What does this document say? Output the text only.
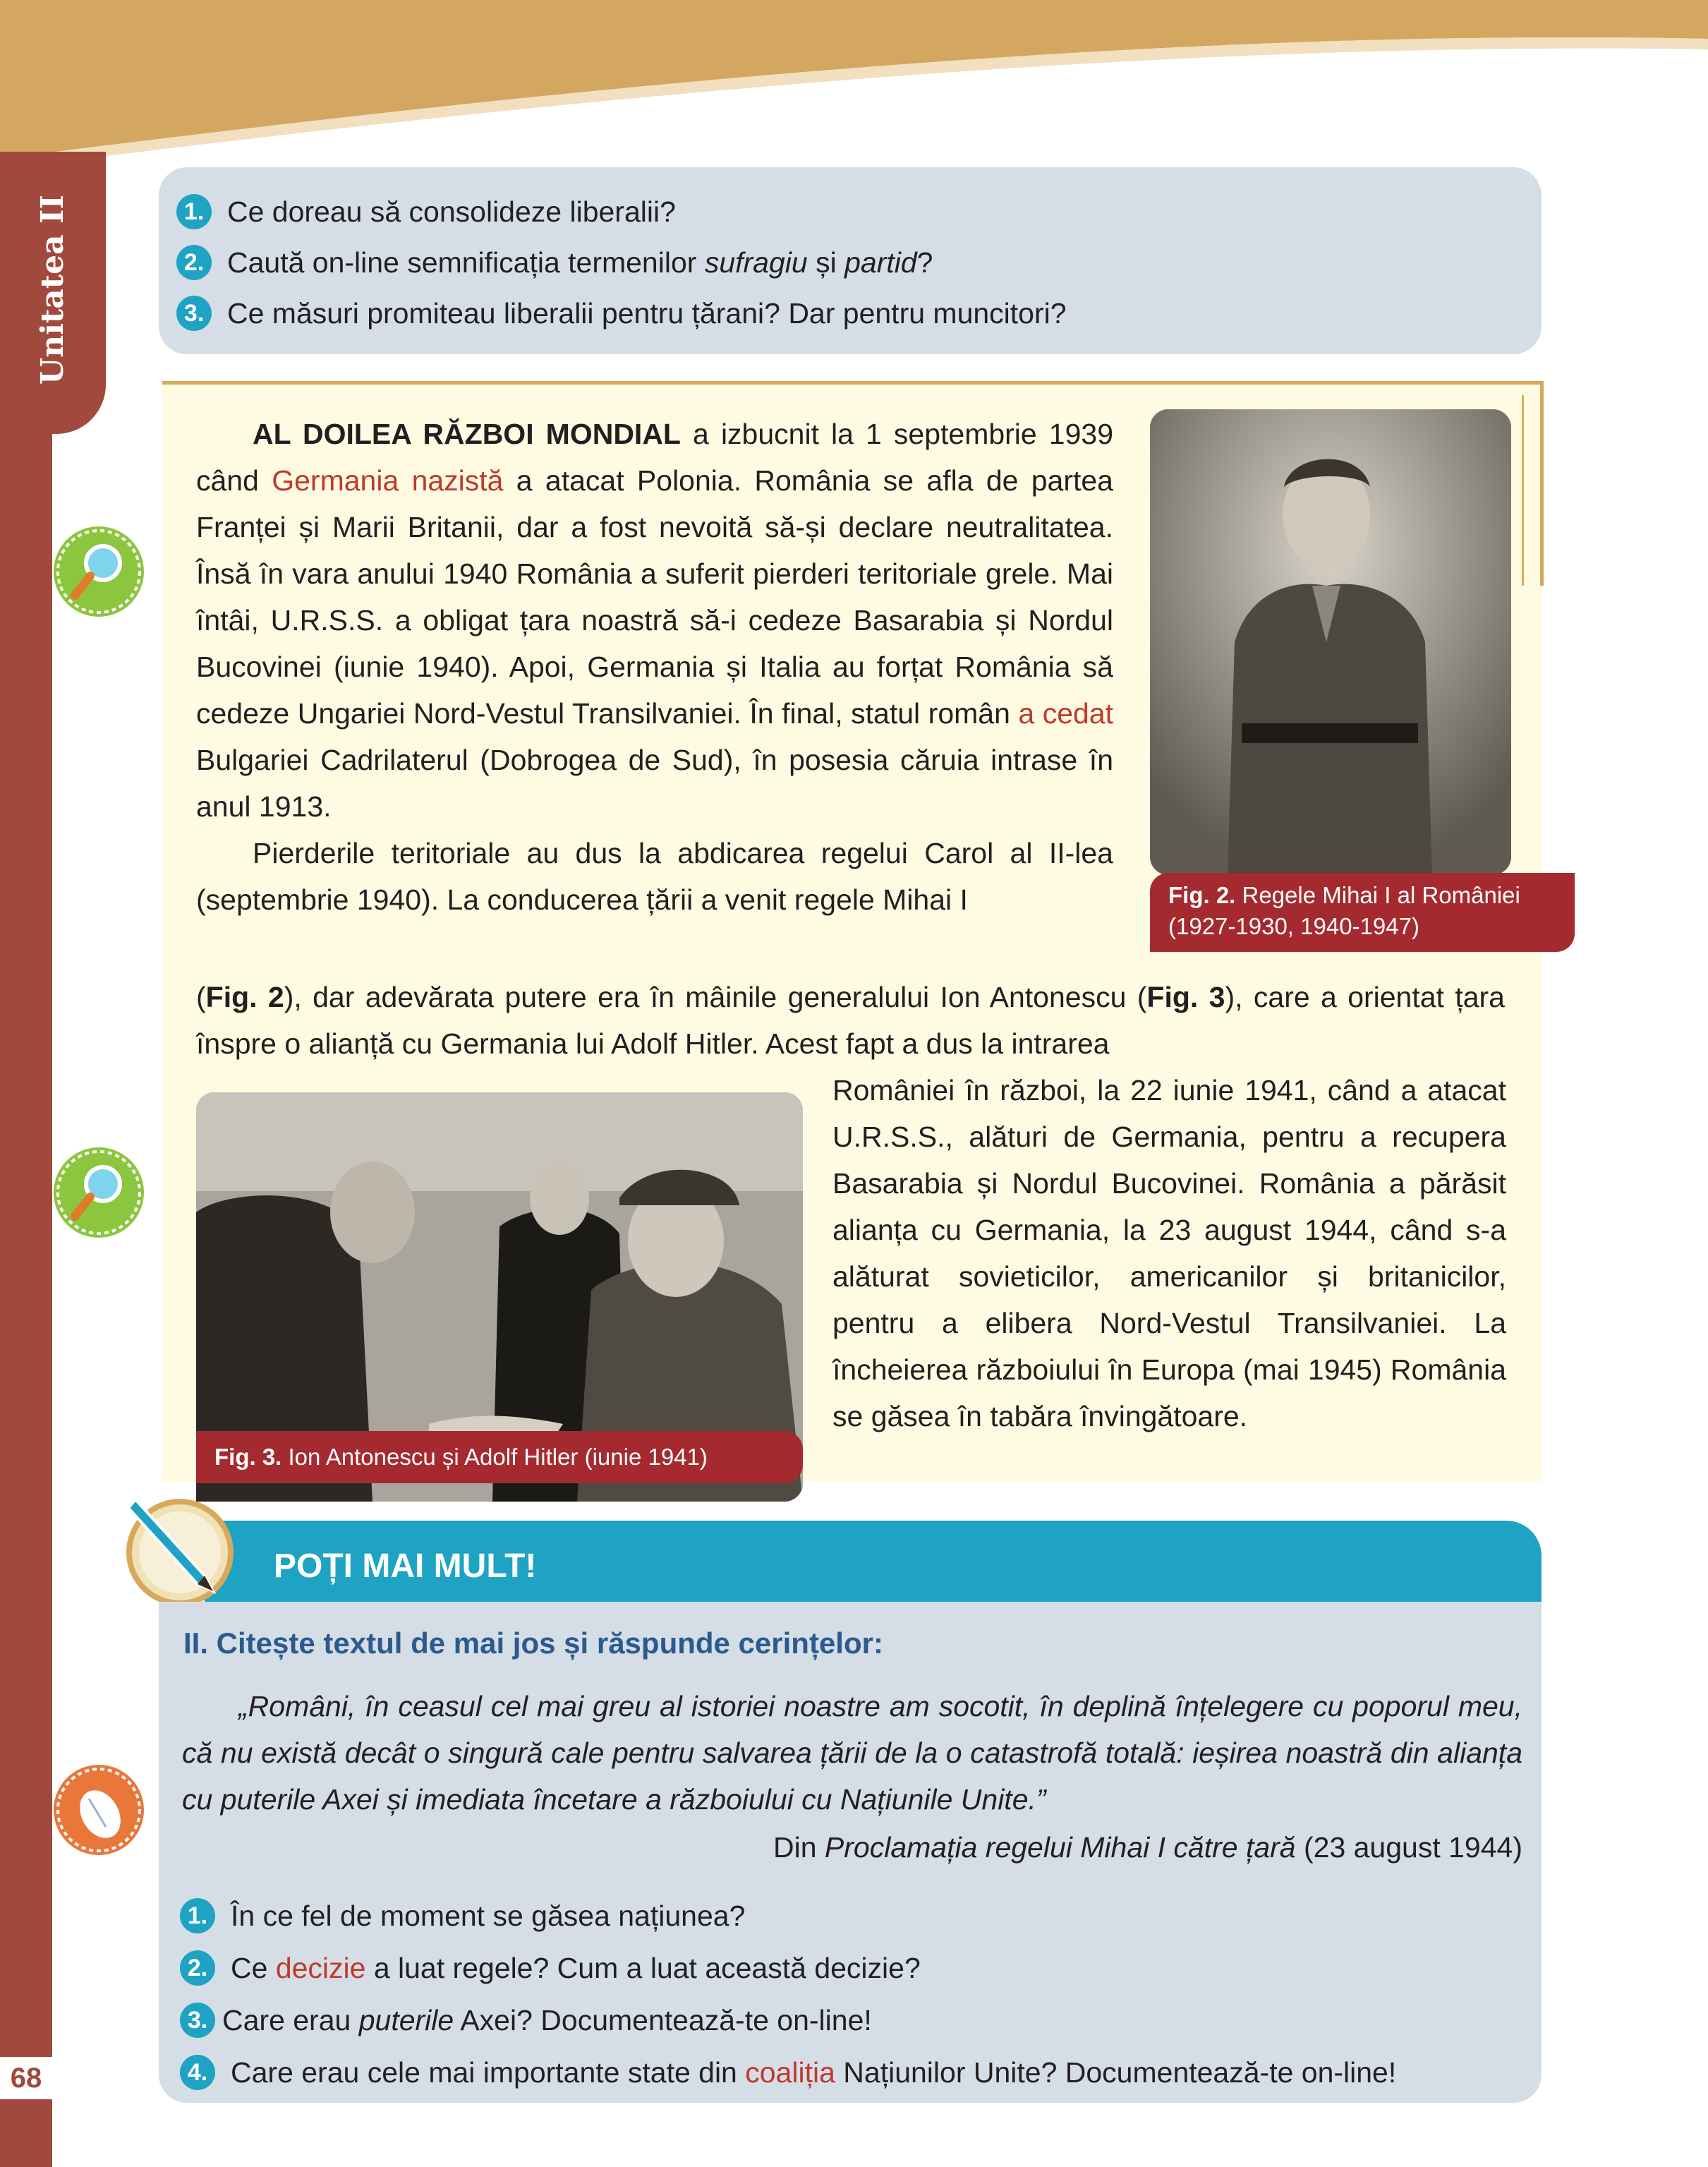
Unitatea II
68
1. Ce doreau să consolideze liberalii?
2. Caută on-line semnificația termenilor sufragiu și partid?
3. Ce măsuri promiteau liberalii pentru țărani? Dar pentru muncitori?

AL DOILEA RĂZBOI MONDIAL a izbucnit la 1 septembrie 1939 când Germania nazistă a atacat Polonia. România se afla de partea Franței și Marii Britanii, dar a fost nevoită să-și declare neutralitatea. Însă în vara anului 1940 România a suferit pierderi teritoriale grele. Mai întâi, U.R.S.S. a obligat țara noastră să-i cedeze Basarabia și Nordul Bucovinei (iunie 1940). Apoi, Germania și Italia au forțat România să cedeze Ungariei Nord-Vestul Transilvaniei. În final, statul român a cedat Bulgariei Cadrilaterul (Dobrogea de Sud), în posesia căruia intrase în anul 1913.

Pierderile teritoriale au dus la abdicarea regelui Carol al II-lea (septembrie 1940). La conducerea țării a venit regele Mihai I

(Fig. 2), dar adevărata putere era în mâinile generalului Ion Antonescu (Fig. 3), care a orientat țara înspre o alianță cu Germania lui Adolf Hitler. Acest fapt a dus la intrarea
României în război, la 22 iunie 1941, când a atacat U.R.S.S., alături de Germania, pentru a recupera Basarabia și Nordul Bucovinei. România a părăsit alianța cu Germania, la 23 august 1944, când s-a alăturat sovieticilor, americanilor și britanicilor, pentru a elibera Nord-Vestul Transilvaniei. La încheierea războiului în Europa (mai 1945) România se găsea în tabăra învingătoare.
Fig. 2. Regele Mihai I al României
(1927-1930, 1940-1947)
Fig. 3. Ion Antonescu și Adolf Hitler (iunie 1941)
POȚI MAI MULT!
II. Citește textul de mai jos și răspunde cerințelor:
„Români, în ceasul cel mai greu al istoriei noastre am socotit, în deplină înțelegere cu poporul meu, că nu există decât o singură cale pentru salvarea țării de la o catastrofă totală: ieșirea noastră din alianța cu puterile Axei și imediata încetare a războiului cu Națiunile Unite.”
Din Proclamația regelui Mihai I către țară (23 august 1944)
1. În ce fel de moment se găsea națiunea?
2. Ce decizie a luat regele? Cum a luat această decizie?
3. Care erau puterile Axei? Documentează-te on-line!
4. Care erau cele mai importante state din coaliția Națiunilor Unite? Documentează-te on-line!
